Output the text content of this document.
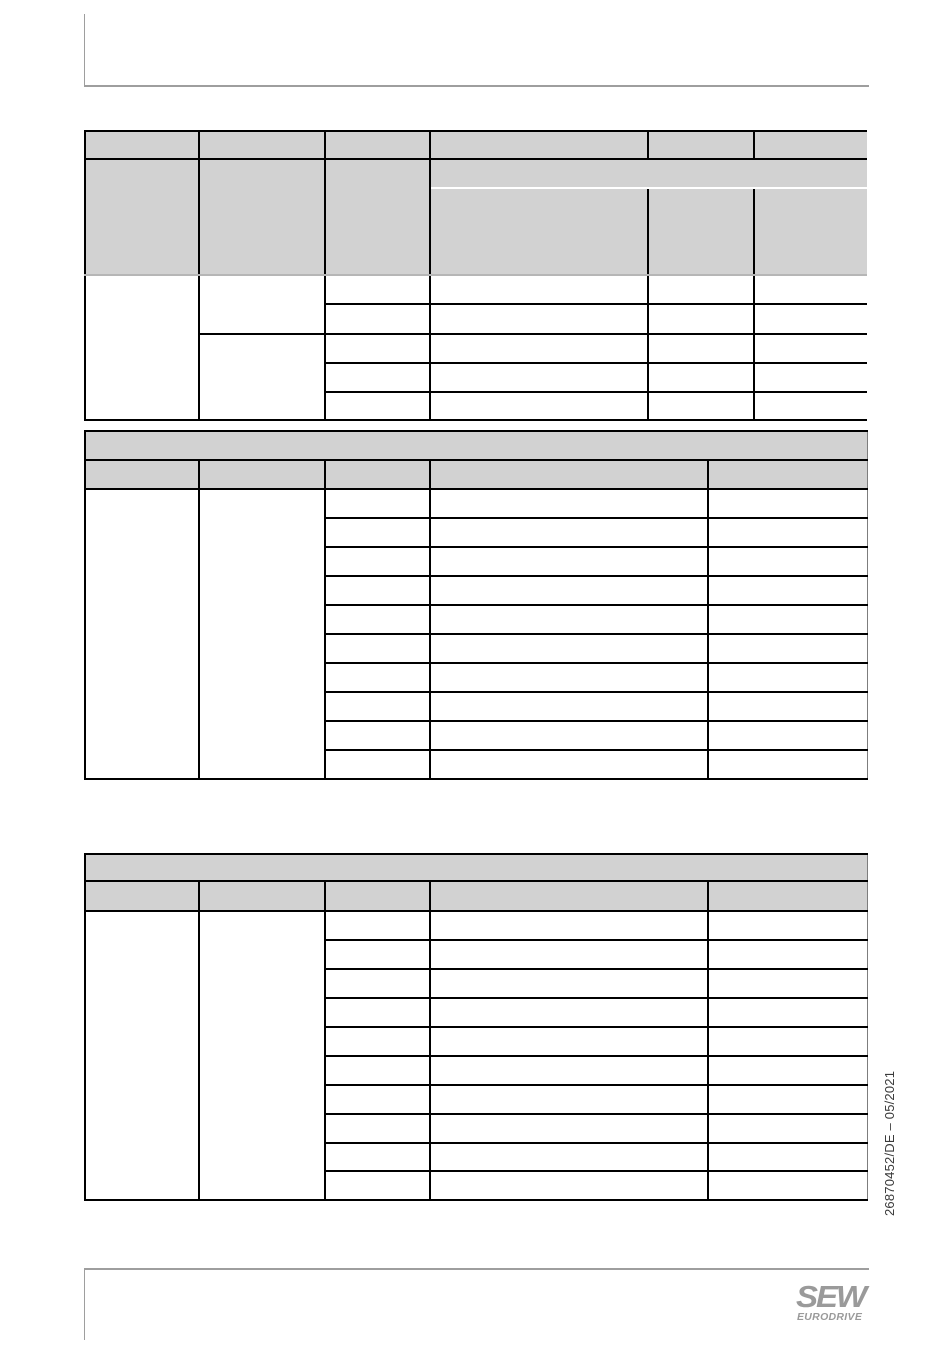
26870452/DE – 05/2021
SEW
EURODRIVE
